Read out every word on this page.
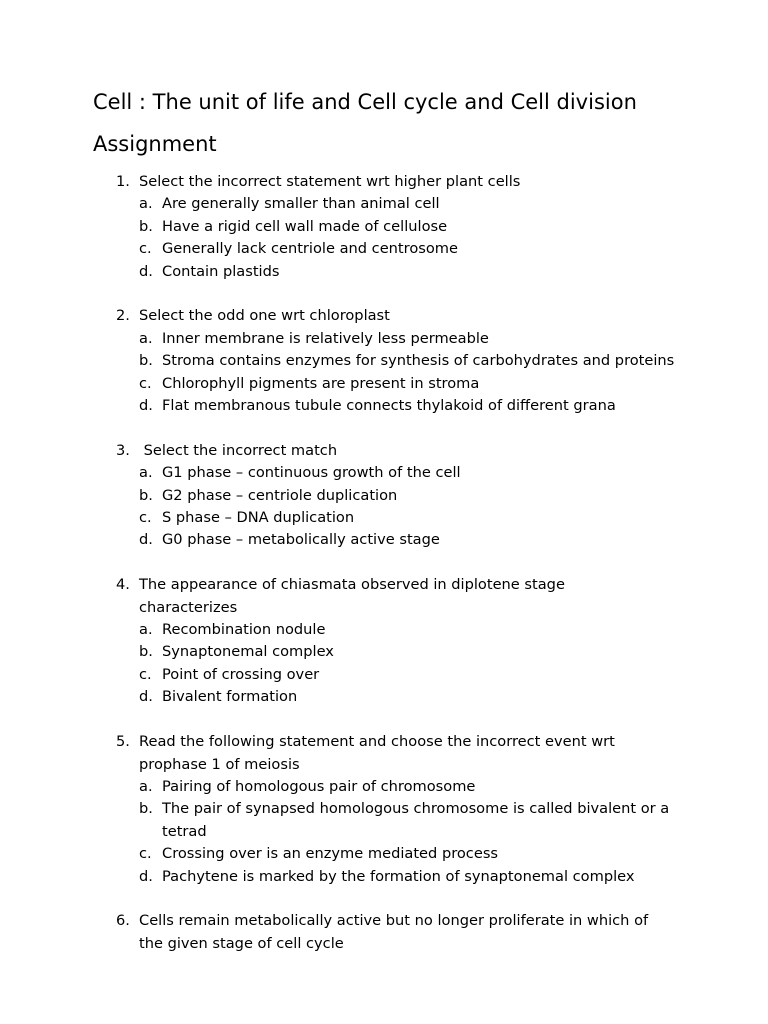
Cell : The unit of life and Cell cycle and Cell division
Assignment
1. Select the incorrect statement wrt higher plant cells
a. Are generally smaller than animal cell
b. Have a rigid cell wall made of cellulose
c. Generally lack centriole and centrosome
d. Contain plastids
2. Select the odd one wrt chloroplast
a. Inner membrane is relatively less permeable
b. Stroma contains enzymes for synthesis of carbohydrates and proteins
c. Chlorophyll pigments are present in stroma
d. Flat membranous tubule connects thylakoid of different grana
3. Select the incorrect match
a. G1 phase – continuous growth of the cell
b. G2 phase – centriole duplication
c. S phase – DNA duplication
d. G0 phase – metabolically active stage
4. The appearance of chiasmata observed in diplotene stage characterizes
a. Recombination nodule
b. Synaptonemal complex
c. Point of crossing over
d. Bivalent formation
5. Read the following statement and choose the incorrect event wrt prophase 1 of meiosis
a. Pairing of homologous pair of chromosome
b. The pair of synapsed homologous chromosome is called bivalent or a tetrad
c. Crossing over is an enzyme mediated process
d. Pachytene is marked by the formation of synaptonemal complex
6. Cells remain metabolically active but no longer proliferate in which of the given stage of cell cycle
